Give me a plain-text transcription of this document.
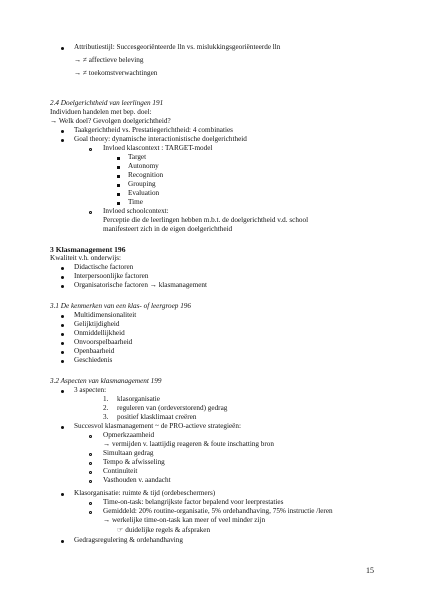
Attributiestijl: Succesgeoriënteerde lln vs. mislukkingsgeoriënteerde lln
→ ≠ affectieve beleving
→ ≠ toekomstverwachtingen
2.4 Doelgerichtheid van leerlingen 191
Individuen handelen met bep. doel:
→ Welk doel? Gevolgen doelgerichtheid?
Taakgerichtheid vs. Prestatiegerichtheid: 4 combinaties
Goal theory: dynamische interactionistische doelgerichtheid
Invloed klascontext : TARGET-model
Target
Autonomy
Recognition
Grouping
Evaluation
Time
Invloed schoolcontext:
Perceptie die de leerlingen hebben m.b.t. de doelgerichtheid v.d. school
manifesteert zich in de eigen doelgerichtheid
3 Klasmanagement 196
Kwaliteit v.h. onderwijs:
Didactische factoren
Interpersoonlijke factoren
Organisatorische factoren → klasmanagement
3.1 De kenmerken van een klas- of leergroep 196
Multidimensionaliteit
Gelijktijdigheid
Onmiddellijkheid
Onvoorspelbaarheid
Openbaarheid
Geschiedenis
3.2 Aspecten van klasmanagement 199
3 aspecten:
1. klasorganisatie
2. reguleren van (ordeverstorend) gedrag
3. positief klasklimaat creëren
Succesvol klasmanagement ~ de PRO-actieve strategieën:
Opmerkzaamheid
→ vermijden v. laattijdig reageren & foute inschatting bron
Simultaan gedrag
Tempo & afwisseling
Continuïteit
Vasthouden v. aandacht
Klasorganisatie: ruimte & tijd (ordebeschermers)
Time-on-task: belangrijkste factor bepalend voor leerprestaties
Gemiddeld: 20% routine-organisatie, 5% ordehandhaving, 75% instructie /leren
→ werkelijke time-on-task kan meer of veel minder zijn
☞ duidelijke regels & afspraken
Gedragsregulering & ordehandhaving
15
